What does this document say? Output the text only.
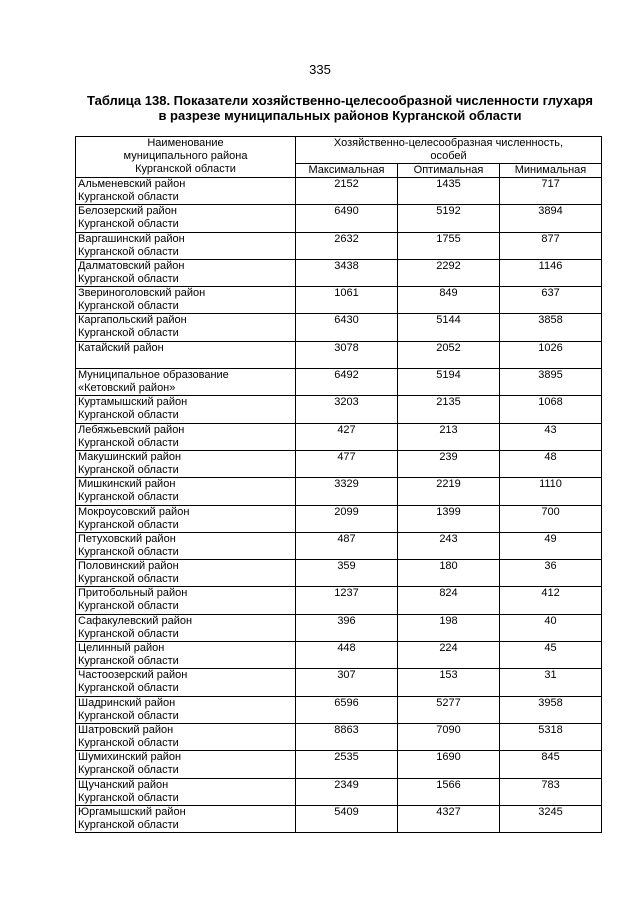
335
Таблица 138. Показатели хозяйственно-целесообразной численности глухаря
в разрезе муниципальных районов Курганской области
Наименование
муниципального района
Курганской области	Хозяйственно-целесообразная численность,
особей		

	Максимальная	Оптимальная	Минимальная

Альменевский район
Курганской области	2152	1435	717

Белозерский район
Курганской области	6490	5192	3894

Варгашинский район
Курганской области	2632	1755	877

Далматовский район
Курганской области	3438	2292	1146

Звериноголовский район
Курганской области	1061	849	637

Каргапольский район
Курганской области	6430	5144	3858

Катайский район	3078	2052	1026

Муниципальное образование
«Кетовский район»	6492	5194	3895

Куртамышский район
Курганской области	3203	2135	1068

Лебяжьевский район
Курганской области	427	213	43

Макушинский район
Курганской области	477	239	48

Мишкинский район
Курганской области	3329	2219	1110

Мокроусовский район
Курганской области	2099	1399	700

Петуховский район
Курганской области	487	243	49

Половинский район
Курганской области	359	180	36

Притобольный район
Курганской области	1237	824	412

Сафакулевский район
Курганской области	396	198	40

Целинный район
Курганской области	448	224	45

Частоозерский район
Курганской области	307	153	31

Шадринский район
Курганской области	6596	5277	3958

Шатровский район
Курганской области	8863	7090	5318

Шумихинский район
Курганской области	2535	1690	845

Щучанский район
Курганской области	2349	1566	783

Юргамышский район
Курганской области	5409	4327	3245
